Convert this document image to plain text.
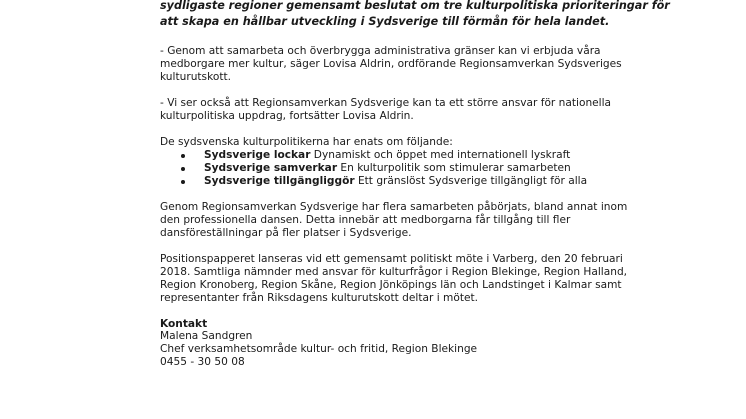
sydligaste regioner gemensamt beslutat om tre kulturpolitiska prioriteringar för
att skapa en hållbar utveckling i Sydsverige till förmån för hela landet.

- Genom att samarbeta och överbrygga administrativa gränser kan vi erbjuda våra
medborgare mer kultur, säger Lovisa Aldrin, ordförande Regionsamverkan Sydsveriges
kulturutskott.

- Vi ser också att Regionsamverkan Sydsverige kan ta ett större ansvar för nationella
kulturpolitiska uppdrag, fortsätter Lovisa Aldrin.

De sydsvenska kulturpolitikerna har enats om följande:

Sydsverige lockar Dynamiskt och öppet med internationell lyskraft
Sydsverige samverkar En kulturpolitik som stimulerar samarbeten
Sydsverige tillgängliggör Ett gränslöst Sydsverige tillgängligt för alla

Genom Regionsamverkan Sydsverige har flera samarbeten påbörjats, bland annat inom
den professionella dansen. Detta innebär att medborgarna får tillgång till fler
dansföreställningar på fler platser i Sydsverige.

Positionspapperet lanseras vid ett gemensamt politiskt möte i Varberg, den 20 februari
2018. Samtliga nämnder med ansvar för kulturfrågor i Region Blekinge, Region Halland,
Region Kronoberg, Region Skåne, Region Jönköpings län och Landstinget i Kalmar samt
representanter från Riksdagens kulturutskott deltar i mötet.

Kontakt
Malena Sandgren
Chef verksamhetsområde kultur- och fritid, Region Blekinge
0455 - 30 50 08
